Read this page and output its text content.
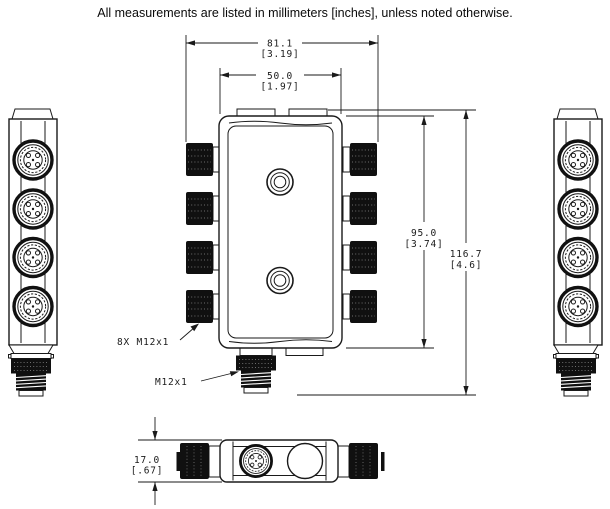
All measurements are listed in millimeters [inches], unless noted otherwise.
81.1
[3.19]
50.0
[1.97]
95.0
[3.74]
116.7
[4.6]
17.0
[.67]
8X M12x1
M12x1
